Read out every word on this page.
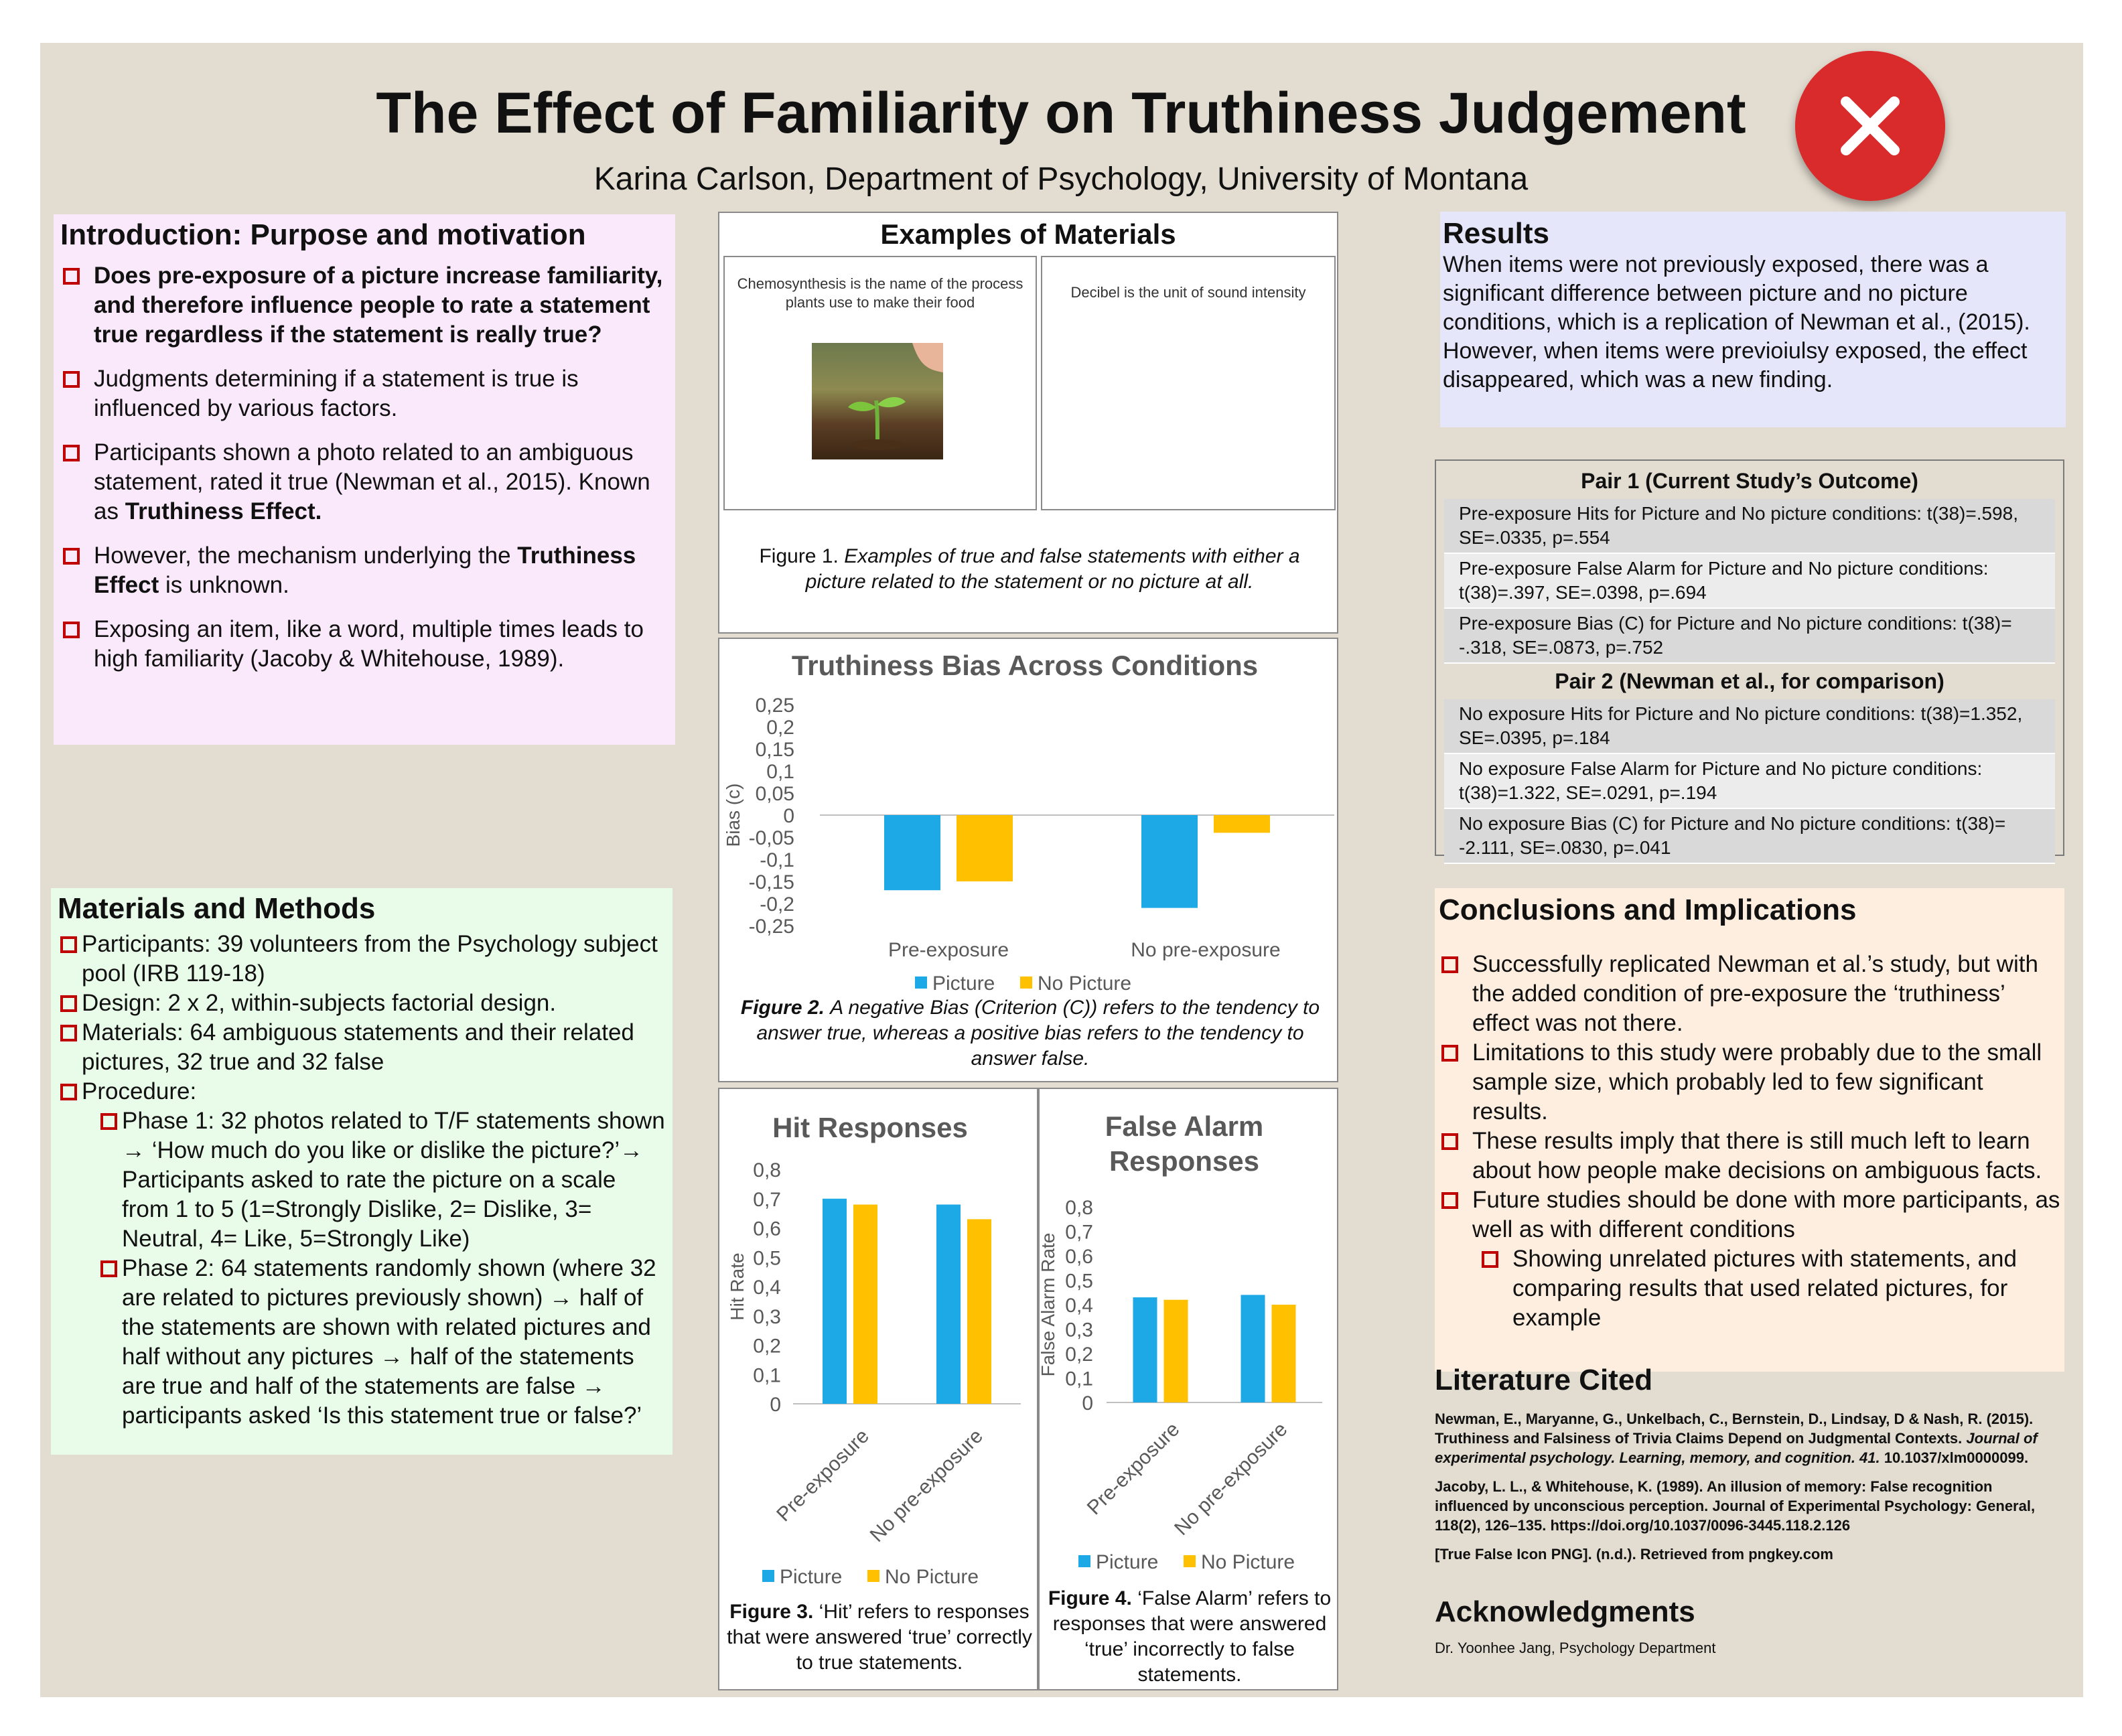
The Effect of Familiarity on Truthiness Judgement
Karina Carlson, Department of Psychology, University of Montana
Introduction: Purpose and motivation
Does pre-exposure of a picture increase familiarity, and therefore influence people to rate a statement true regardless if the statement is really true?
Judgments determining if a statement is true is influenced by various factors.
Participants shown a photo related to an ambiguous statement, rated it true (Newman et al., 2015). Known as Truthiness Effect.
However, the mechanism underlying the Truthiness Effect is unknown.
Exposing an item, like a word, multiple times leads to high familiarity (Jacoby & Whitehouse, 1989).
Materials and Methods
Participants: 39 volunteers from the Psychology subject pool (IRB 119-18)
Design: 2 x 2, within-subjects factorial design.
Materials: 64 ambiguous statements and their related pictures, 32 true and 32 false
Procedure:
Phase 1: 32 photos related to T/F statements shown → ‘How much do you like or dislike the picture?’→ Participants asked to rate the picture on a scale from 1 to 5 (1=Strongly Dislike, 2= Dislike, 3= Neutral, 4= Like, 5=Strongly Like)
Phase 2: 64 statements randomly shown (where 32 are related to pictures previously shown) → half of the statements are shown with related pictures and half without any pictures → half of the statements are true and half of the statements are false → participants asked ‘Is this statement true or false?’
Examples of Materials
Chemosynthesis is the name of the process plants use to make their food
Decibel is the unit of sound intensity
Figure 1. Examples of true and false statements with either a picture related to the statement or no picture at all.
Truthiness Bias Across Conditions
0,25
0,2
0,15
0,1
0,05
0
-0,05
-0,1
-0,15
-0,2
-0,25
Bias (c)
Pre-exposure	No pre-exposure
Picture No Picture
Figure 2. A negative Bias (Criterion (C)) refers to the tendency to answer true, whereas a positive bias refers to the tendency to answer false.
Hit Responses
0,8
0,7
0,6
0,5
0,4
0,3
0,2
0,1
0
Hit Rate
Pre-exposure
No pre-exposure
Picture No Picture
Figure 3. ‘Hit’ refers to responses that were answered ‘true’ correctly to true statements.
False Alarm
Responses
0,8
0,7
0,6
0,5
0,4
0,3
0,2
0,1
0
False Alarm Rate
Pre-exposure
No pre-exposure
Picture No Picture
Figure 4. ‘False Alarm’ refers to responses that were answered ‘true’ incorrectly to false statements.
Results
When items were not previously exposed, there was a significant difference between picture and no picture conditions, which is a replication of Newman et al., (2015). However, when items were previoiulsy exposed, the effect disappeared, which was a new finding.
Pair 1 (Current Study’s Outcome)
Pre-exposure Hits for Picture and No picture conditions: t(38)=.598, SE=.0335, p=.554
Pre-exposure False Alarm for Picture and No picture conditions: t(38)=.397, SE=.0398, p=.694
Pre-exposure Bias (C) for Picture and No picture conditions: t(38)= -.318, SE=.0873, p=.752
Pair 2 (Newman et al., for comparison)
No exposure Hits for Picture and No picture conditions: t(38)=1.352, SE=.0395, p=.184
No exposure False Alarm for Picture and No picture conditions: t(38)=1.322, SE=.0291, p=.194
No exposure Bias (C) for Picture and No picture conditions: t(38)= -2.111, SE=.0830, p=.041
Conclusions and Implications
Successfully replicated Newman et al.’s study, but with the added condition of pre-exposure the ‘truthiness’ effect was not there.
Limitations to this study were probably due to the small sample size, which probably led to few significant results.
These results imply that there is still much left to learn about how people make decisions on ambiguous facts.
Future studies should be done with more participants, as well as with different conditions
Showing unrelated pictures with statements, and comparing results that used related pictures, for example
Literature Cited
Newman, E., Maryanne, G., Unkelbach, C., Bernstein, D., Lindsay, D & Nash, R. (2015). Truthiness and Falsiness of Trivia Claims Depend on Judgmental Contexts. Journal of experimental psychology. Learning, memory, and cognition. 41. 10.1037/xlm0000099.
Jacoby, L. L., & Whitehouse, K. (1989). An illusion of memory: False recognition influenced by unconscious perception. Journal of Experimental Psychology: General, 118(2), 126–135. https://doi.org/10.1037/0096-3445.118.2.126
[True False Icon PNG]. (n.d.). Retrieved from pngkey.com
Acknowledgments
Dr. Yoonhee Jang, Psychology Department
